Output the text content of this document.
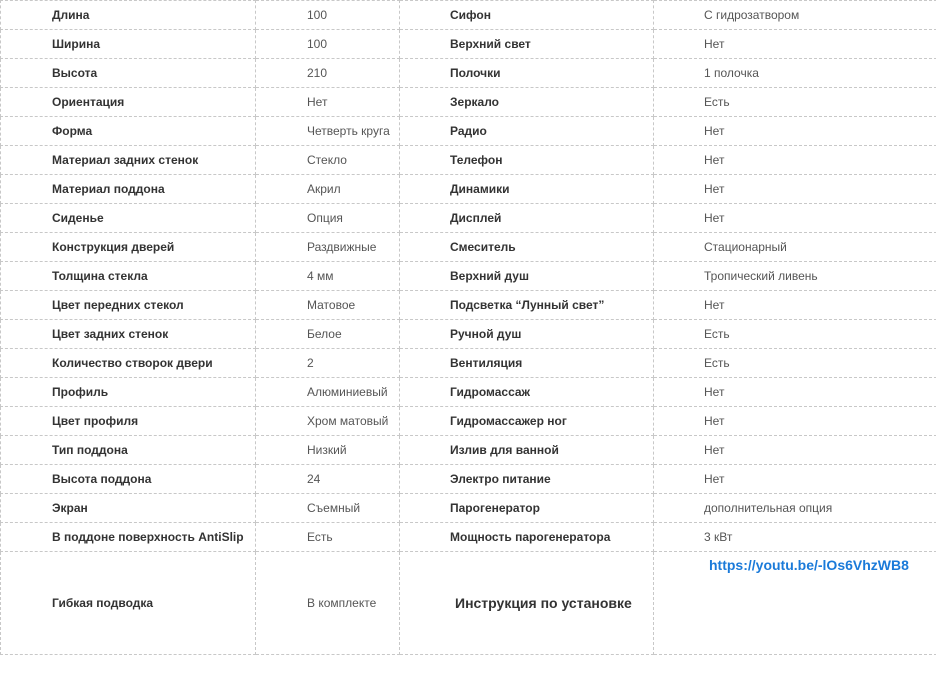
Длина	100	Сифон	С гидрозатвором
Ширина	100	Верхний свет	Нет
Высота	210	Полочки	1 полочка
Ориентация	Нет	Зеркало	Есть
Форма	Четверть круга	Радио	Нет
Материал задних стенок	Стекло	Телефон	Нет
Материал поддона	Акрил	Динамики	Нет
Сиденье	Опция	Дисплей	Нет
Конструкция дверей	Раздвижные	Смеситель	Стационарный
Толщина стекла	4 мм	Верхний душ	Тропический ливень
Цвет передних стекол	Матовое	Подсветка “Лунный свет”	Нет
Цвет задних стенок	Белое	Ручной душ	Есть
Количество створок двери	2	Вентиляция	Есть
Профиль	Алюминиевый	Гидромассаж	Нет
Цвет профиля	Хром матовый	Гидромассажер ног	Нет
Тип поддона	Низкий	Излив для ванной	Нет
Высота поддона	24	Электро питание	Нет
Экран	Съемный	Парогенератор	дополнительная опция
В поддоне поверхность AntiSlip	Есть	Мощность парогенератора	3 кВт
Гибкая подводка	В комплекте	Инструкция по установке	https://youtu.be/-lOs6VhzWB8
